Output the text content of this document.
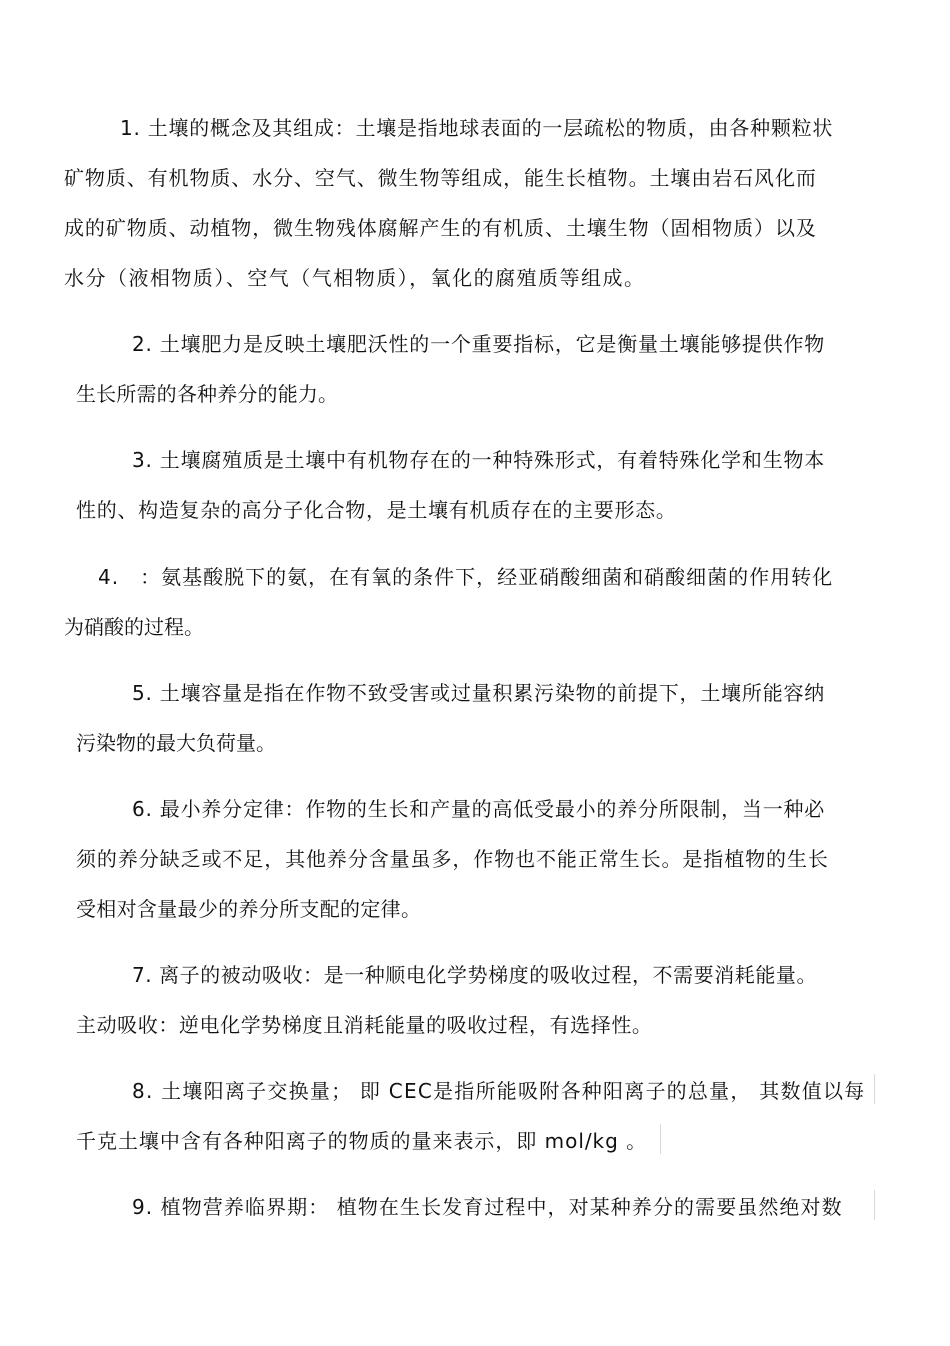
1. 土壤的概念及其组成：土壤是指地球表面的一层疏松的物质，由各种颗粒状
矿物质、有机物质、水分、空气、微生物等组成，能生长植物。土壤由岩石风化而
成的矿物质、动植物，微生物残体腐解产生的有机质、土壤生物（固相物质）以及
水分（液相物质）、空气（气相物质），氧化的腐殖质等组成。
2. 土壤肥力是反映土壤肥沃性的一个重要指标，它是衡量土壤能够提供作物
生长所需的各种养分的能力。
3. 土壤腐殖质是土壤中有机物存在的一种特殊形式，有着特殊化学和生物本
性的、构造复杂的高分子化合物，是土壤有机质存在的主要形态。
4.　：氨基酸脱下的氨，在有氧的条件下，经亚硝酸细菌和硝酸细菌的作用转化
为硝酸的过程。
5. 土壤容量是指在作物不致受害或过量积累污染物的前提下，土壤所能容纳
污染物的最大负荷量。
6. 最小养分定律：作物的生长和产量的高低受最小的养分所限制，当一种必
须的养分缺乏或不足，其他养分含量虽多，作物也不能正常生长。是指植物的生长
受相对含量最少的养分所支配的定律。
7. 离子的被动吸收：是一种顺电化学势梯度的吸收过程，不需要消耗能量。
主动吸收：逆电化学势梯度且消耗能量的吸收过程，有选择性。
8. 土壤阳离子交换量； 即 CEC是指所能吸附各种阳离子的总量， 其数值以每
千克土壤中含有各种阳离子的物质的量来表示，即 mol/kg 。
9. 植物营养临界期： 植物在生长发育过程中，对某种养分的需要虽然绝对数
